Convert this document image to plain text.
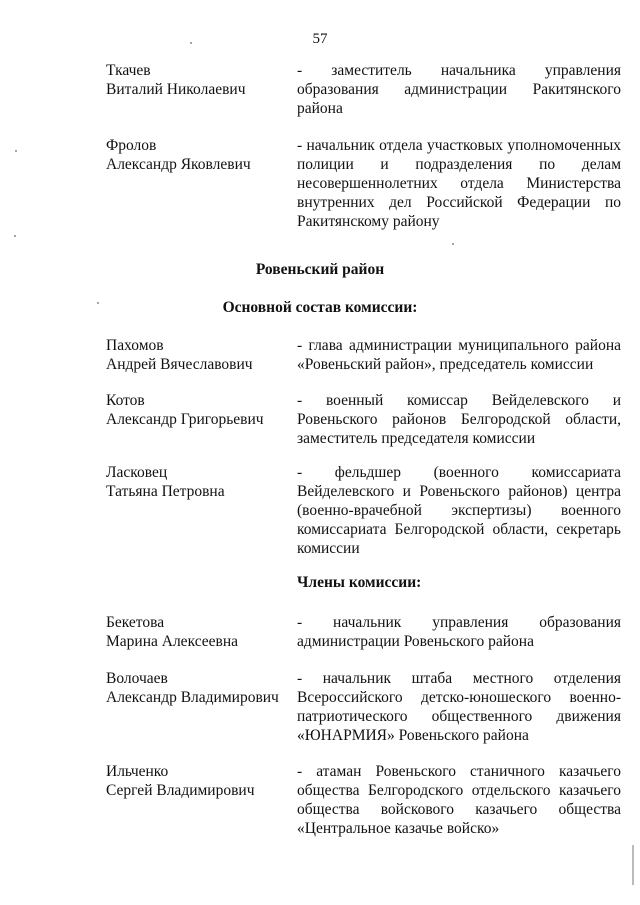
57
Ткачев
Виталий Николаевич
- заместитель начальника управления образования администрации Ракитянского района
Фролов
Александр Яковлевич
- начальник отдела участковых уполномоченных полиции и подразделения по делам несовершеннолетних отдела Министерства внутренних дел Российской Федерации по Ракитянскому району
Ровеньский район
Основной состав комиссии:
Пахомов
Андрей Вячеславович
- глава администрации муниципального района «Ровеньский район», председатель комиссии
Котов
Александр Григорьевич
- военный комиссар Вейделевского и Ровеньского районов Белгородской области, заместитель председателя комиссии
Ласковец
Татьяна Петровна
- фельдшер (военного комиссариата Вейделевского и Ровеньского районов) центра (военно-врачебной экспертизы) военного комиссариата Белгородской области, секретарь комиссии
Члены комиссии:
Бекетова
Марина Алексеевна
- начальник управления образования администрации Ровеньского района
Волочаев
Александр Владимирович
- начальник штаба местного отделения Всероссийского детско-юношеского военно-патриотического общественного движения «ЮНАРМИЯ» Ровеньского района
Ильченко
Сергей Владимирович
- атаман Ровеньского станичного казачьего общества Белгородского отдельского казачьего общества войскового казачьего общества «Центральное казачье войско»
